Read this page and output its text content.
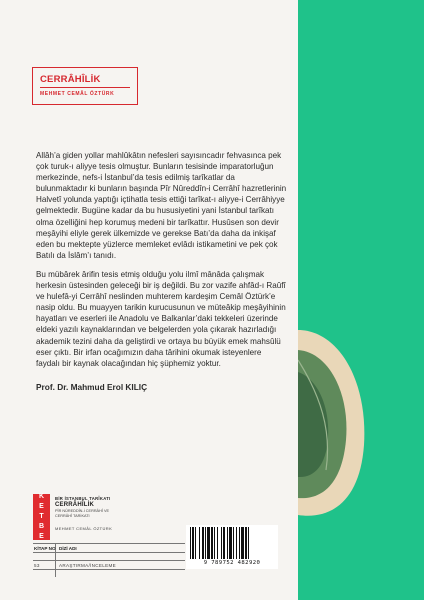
CERRÂHÎLİK
MEHMET CEMÂL ÖZTÜRK

Allâh’a giden yollar mahlûkâtın nefesleri sayısıncadır fehvasınca pek çok turuk-ı aliyye tesis olmuştur. Bunların tesisinde imparatorluğun merkezinde, nefs-i İstanbul’da tesis edilmiş tarîkatlar da bulunmaktadır ki bunların başında Pîr Nûreddîn-i Cerrâhî hazretlerinin Halvetî yolunda yaptığı içtihatla tesis ettiği tarîkat-ı aliyye-i Cerrâhiyye gelmektedir. Bugüne kadar da bu hususiyetini yani İstanbul tarîkatı olma özelliğini hep korumuş medeni bir tarîkattır. Husûsen son devir meşâyihi eliyle gerek ülkemizde ve gerekse Batı’da daha da inkişaf eden bu mektepte yüzlerce memleket evlâdı istikametini ve pek çok Batılı da İslâm’ı tanıdı.

Bu mübârek ârifin tesis etmiş olduğu yolu ilmî mânâda çalışmak herkesin üstesinden geleceği bir iş değildi. Bu zor vazife ahfâd-ı Raûfî ve hulefâ-yi Cerrâhî neslinden muhterem kardeşim Cemâl Öztürk’e nasip oldu. Bu muayyen tarikin kurucusunun ve müteâkip meşâyihinin hayatları ve eserleri ile Anadolu ve Balkanlar’daki tekkeleri üzerinde eldeki yazılı kaynaklarından ve belgelerden yola çıkarak hazırladığı akademik tezini daha da geliştirdi ve ortaya bu büyük emek mahsûlü eser çıktı. Bir irfan ocağımızın daha târihini okumak isteyenlere faydalı bir kaynak olacağından hiç şüphemiz yoktur.

Prof. Dr. Mahmud Erol KILIÇ

K
E
T
B
E
BİR İSTANBUL TARÎKATI
CERRÂHÎLİK
PÎR NÛREDDÎN-İ CERRÂHÎ VE CERRÂHÎ TARİKATI
MEHMET CEMÂL ÖZTÜRK
KİTAP NO DİZİ ADI
53	ARAŞTIRMA/İNCELEME	9 789752 482920
